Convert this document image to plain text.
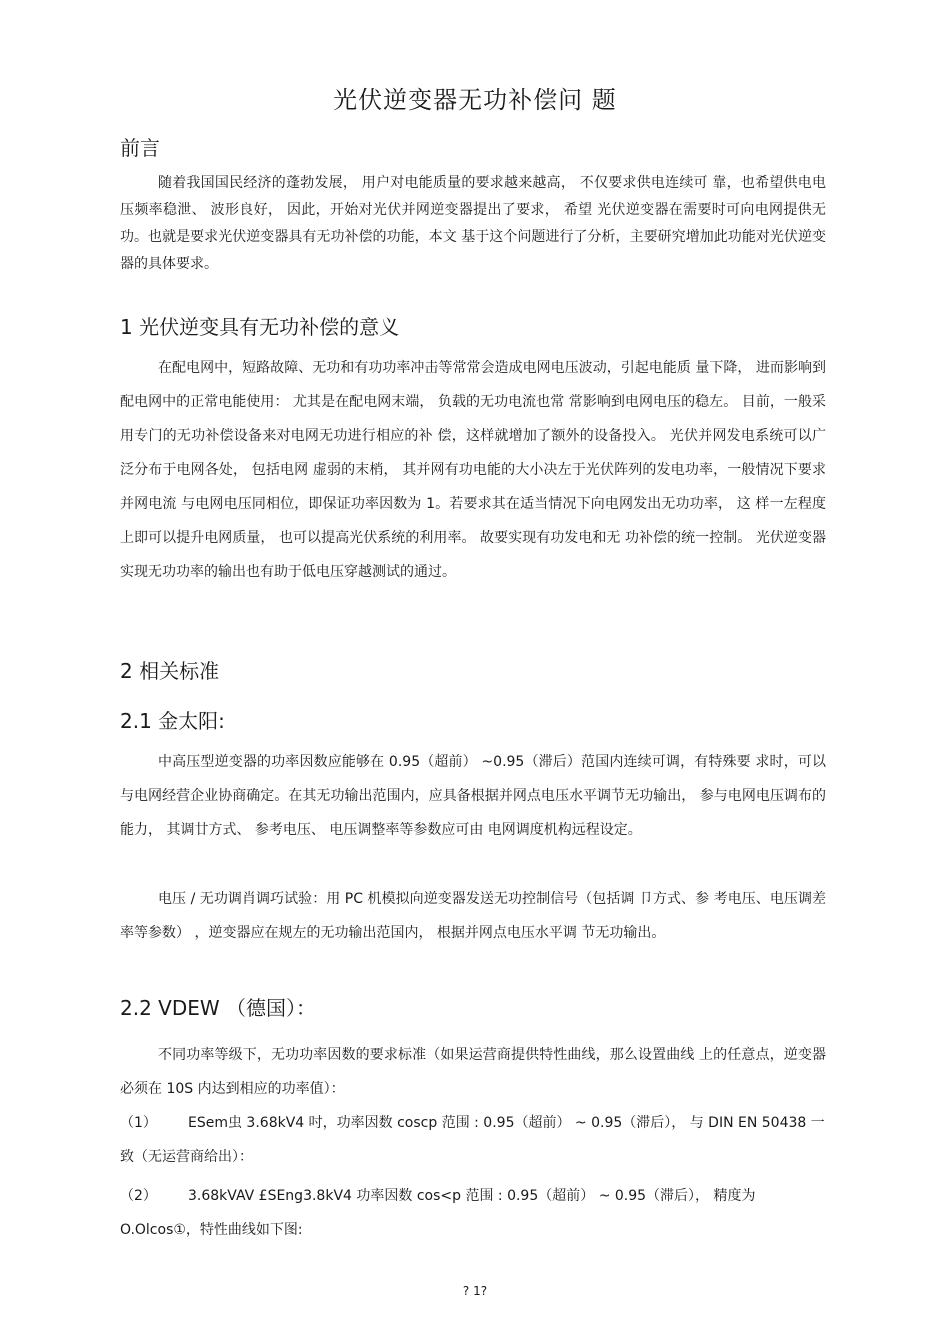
光伏逆变器无功补偿问 题
前言

随着我国国民经济的蓬勃发展， 用户对电能质量的要求越来越高， 不仅要求供电连续可 靠，也希望供电电压频率稳泄、 波形良好， 因此，开始对光伏并网逆变器提出了要求， 希望 光伏逆变器在需要时可向电网提供无功。也就是要求光伏逆变器具有无功补偿的功能，本文 基于这个问题进行了分析，主要研究增加此功能对光伏逆变器的具体要求。

1 光伏逆变具有无功补偿的意义

在配电网中，短路故障、无功和有功功率冲击等常常会造成电网电压波动，引起电能质 量下降， 进而影响到配电网中的正常电能使用： 尤其是在配电网末端， 负载的无功电流也常 常影响到电网电压的稳左。 目前，一般采用专门的无功补偿设备来对电网无功进行相应的补 偿，这样就增加了额外的设备投入。 光伏并网发电系统可以广泛分布于电网各处， 包括电网 虚弱的末梢， 其并网有功电能的大小决左于光伏阵列的发电功率，一般情况下要求并网电流 与电网电压同相位，即保证功率因数为 1。若要求其在适当情况下向电网发出无功功率， 这 样一左程度上即可以提升电网质量， 也可以提高光伏系统的利用率。 故要实现有功发电和无 功补偿的统一控制。 光伏逆变器实现无功功率的输出也有助于低电压穿越测试的通过。

2 相关标准
2.1 金太阳:

中高压型逆变器的功率因数应能够在 0.95（超前） ~0.95（滞后）范国内连续可调，有特殊要 求时，可以与电网经营企业协商确定。在其无功输出范围内，应具备根据并网点电压水平调节无功输出， 参与电网电压调布的能力， 其调廿方式、 参考电压、 电压调整率等参数应可由 电网调度机构远程设定。

电压 / 无功调肖调巧试验：用 PC 机模拟向逆变器发送无功控制信号（包括调 卩方式、参 考电压、电压调差率等参数） ，逆变器应在规左的无功输出范国内， 根据并网点电压水平调 节无功输出。

2.2 VDEW （德国）：

不同功率等级下，无功功率因数的要求标准（如果运营商提供特性曲线，那么设置曲线 上的任意点，逆变器必须在 10S 内达到相应的功率值）：

（1） ESem虫 3.68kV4 吋，功率因数 coscp 范围 : 0.95（超前） ~ 0.95（滞后）， 与 DIN EN 50438 一致（无运营商给出）：

（2） 3.68kVAV £SEng3.8kV4 功率因数 cos<p 范围 : 0.95（超前） ~ 0.95（滞后）， 精度为 O.Olcos①，特性曲线如下图:

? 1?
